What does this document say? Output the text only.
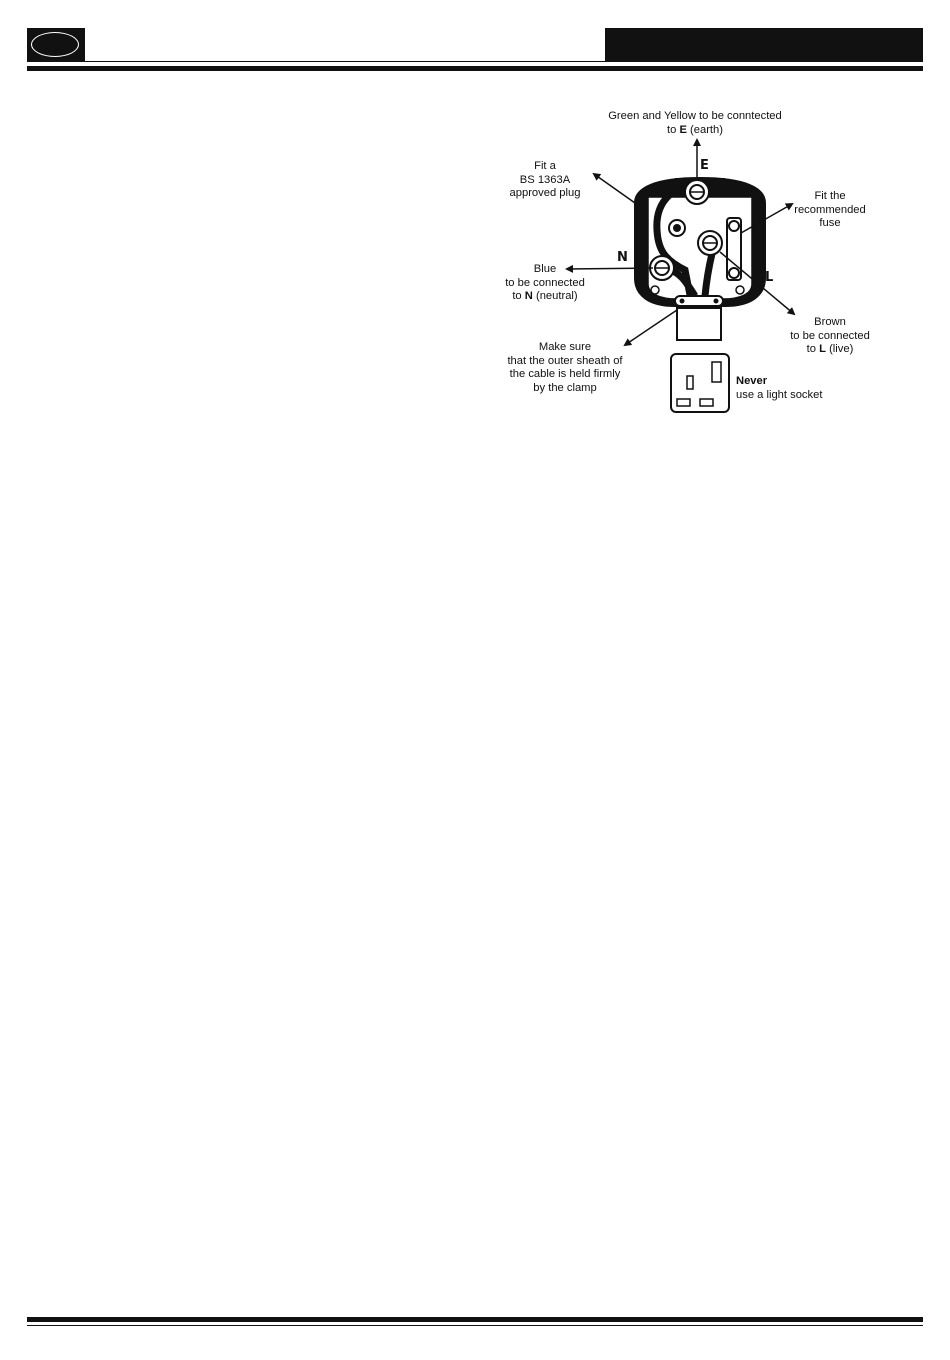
E
N
L
Green and Yellow to be conntected
to E (earth)
Fit a
BS 1363A
approved plug	Fit the
recommended
fuse
Blue
to be connected
to N (neutral)
Brown
to be connected
to L (live)
Make sure
that the outer sheath of
the cable is held firmly
by the clamp
Never
use a light socket
